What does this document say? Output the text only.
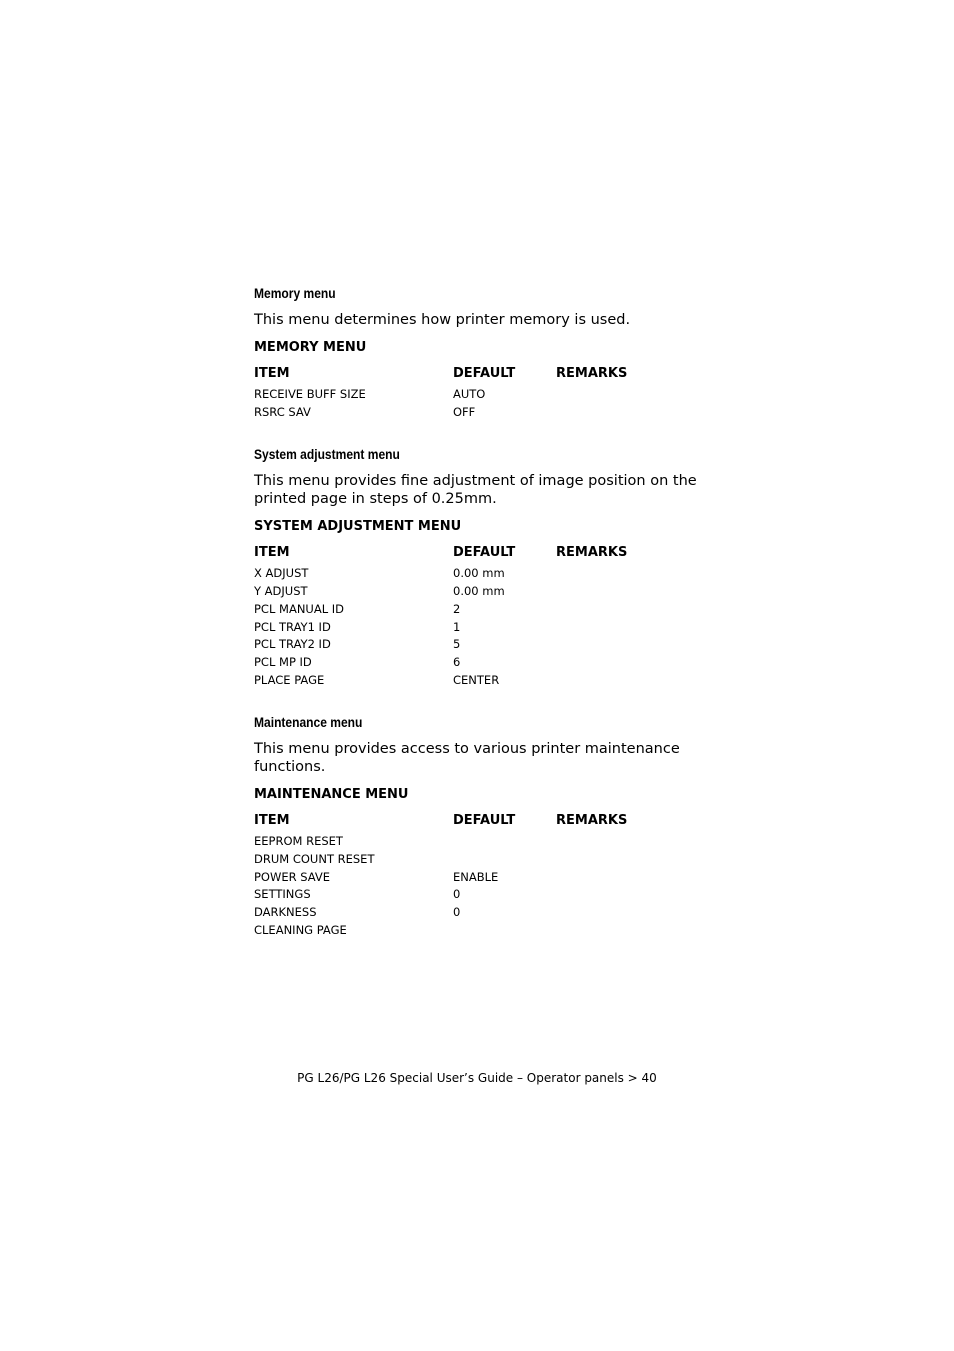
Memory menu

This menu determines how printer memory is used.

MEMORY MENU

ITEM	DEFAULT	REMARKS
RECEIVE BUFF SIZE	AUTO
RSRC SAV	OFF
System adjustment menu

This menu provides fine adjustment of image position on the printed page in steps of 0.25mm.

SYSTEM ADJUSTMENT MENU

ITEM	DEFAULT	REMARKS
X ADJUST	0.00 mm
Y ADJUST	0.00 mm
PCL MANUAL ID	2
PCL TRAY1 ID	1
PCL TRAY2 ID	5
PCL MP ID	6
PLACE PAGE	CENTER
Maintenance menu

This menu provides access to various printer maintenance functions.

MAINTENANCE MENU

ITEM	DEFAULT	REMARKS
EEPROM RESET
DRUM COUNT RESET
POWER SAVE	ENABLE
SETTINGS	0
DARKNESS	0
CLEANING PAGE
PG L26/PG L26 Special User’s Guide – Operator panels > 40
